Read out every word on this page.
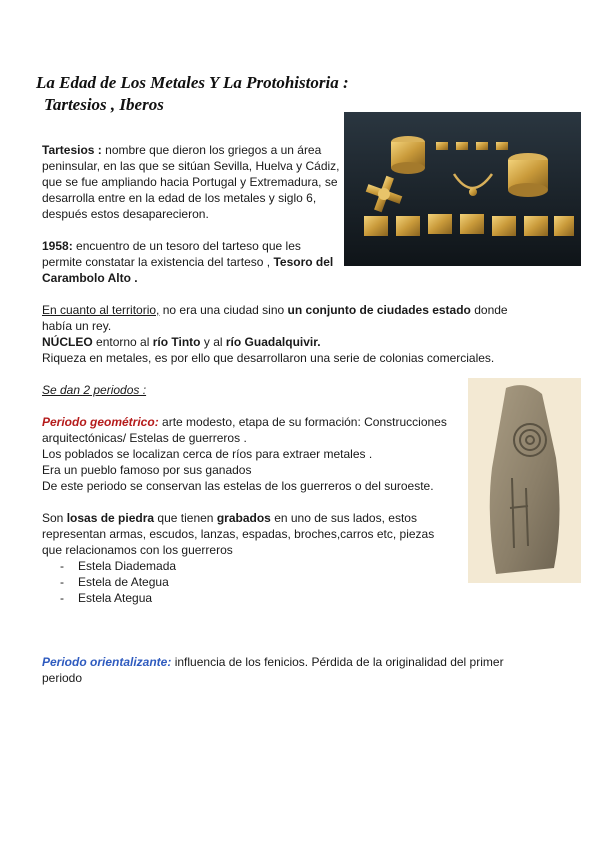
La Edad de Los Metales Y La Protohistoria :
Tartesios , Iberos
Tartesios : nombre que dieron los griegos a un área peninsular, en las que se sitúan Sevilla, Huelva y Cádiz, que se fue ampliando hacia Portugal y Extremadura, se desarrolla entre en la edad de los metales y siglo 6, después estos desaparecieron.
1958: encuentro de un tesoro del tarteso que les permite constatar la existencia del tarteso , Tesoro del Carambolo Alto .
En cuanto al territorio, no era una ciudad sino un conjunto de ciudades estado donde había un rey.
NÚCLEO entorno al río Tinto y al río Guadalquivir.
Riqueza en metales, es por ello que desarrollaron una serie de colonias comerciales.
Se dan 2 periodos :
Periodo geométrico: arte modesto, etapa de su formación: Construcciones arquitectónicas/ Estelas de guerreros .
Los poblados se localizan cerca de ríos para extraer metales .
Era un pueblo famoso por sus ganados
De este periodo se conservan las estelas de los guerreros o del suroeste.
Son losas de piedra que tienen grabados en uno de sus lados, estos representan armas, escudos, lanzas, espadas, broches,carros etc, piezas que relacionamos con los guerreros
- Estela Diademada
- Estela de Ategua
- Estela Ategua
Periodo orientalizante: influencia de los fenicios. Pérdida de la originalidad del primer periodo
